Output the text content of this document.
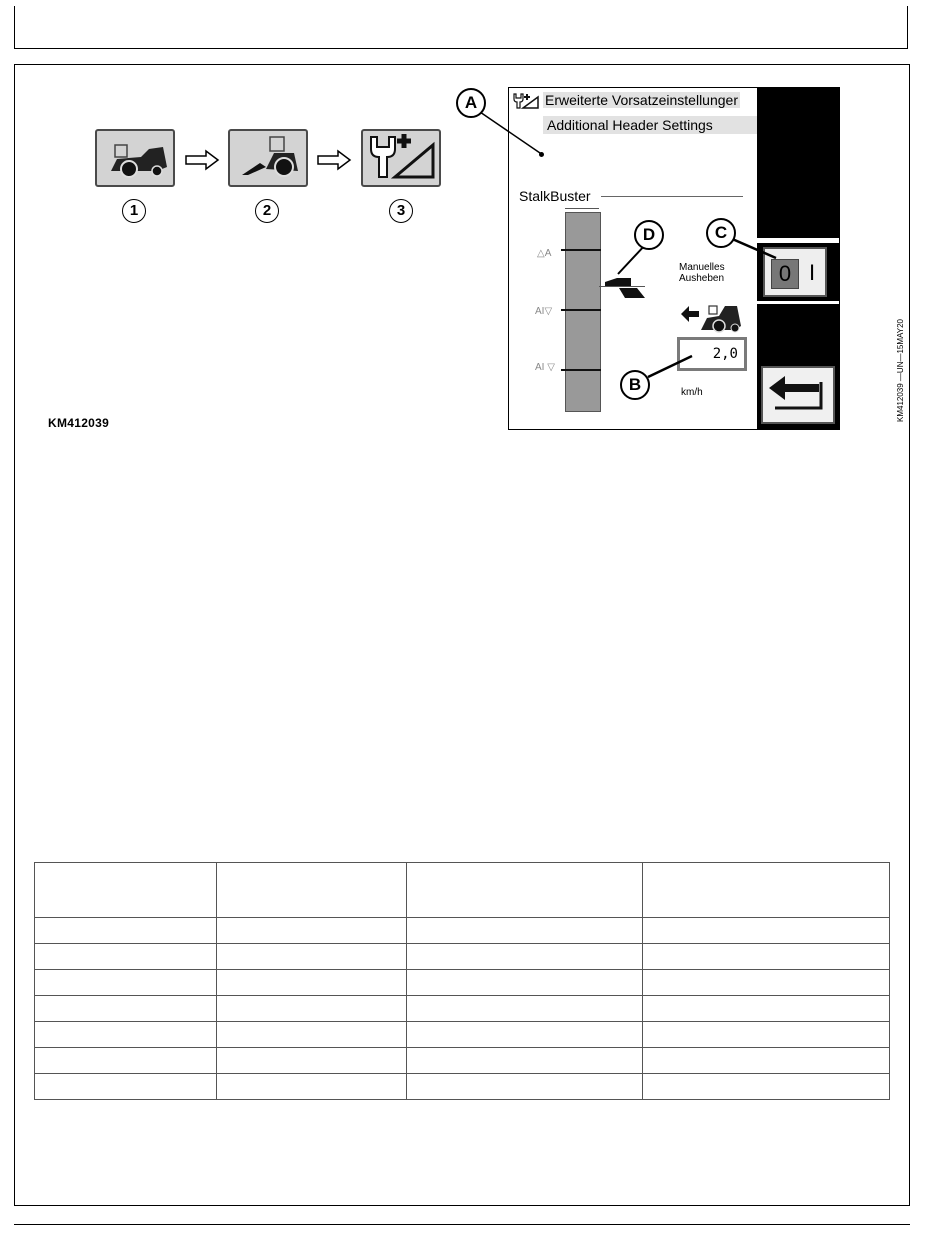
1	2	3
KM412039
KM412039 —UN—15MAY20
Erweiterte Vorsatzeinstellunger
Additional Header Settings
StalkBuster
△A
AI▽
AI ▽
Manuelles
Ausheben
2,0
km/h
0 I
A
D	C
B
